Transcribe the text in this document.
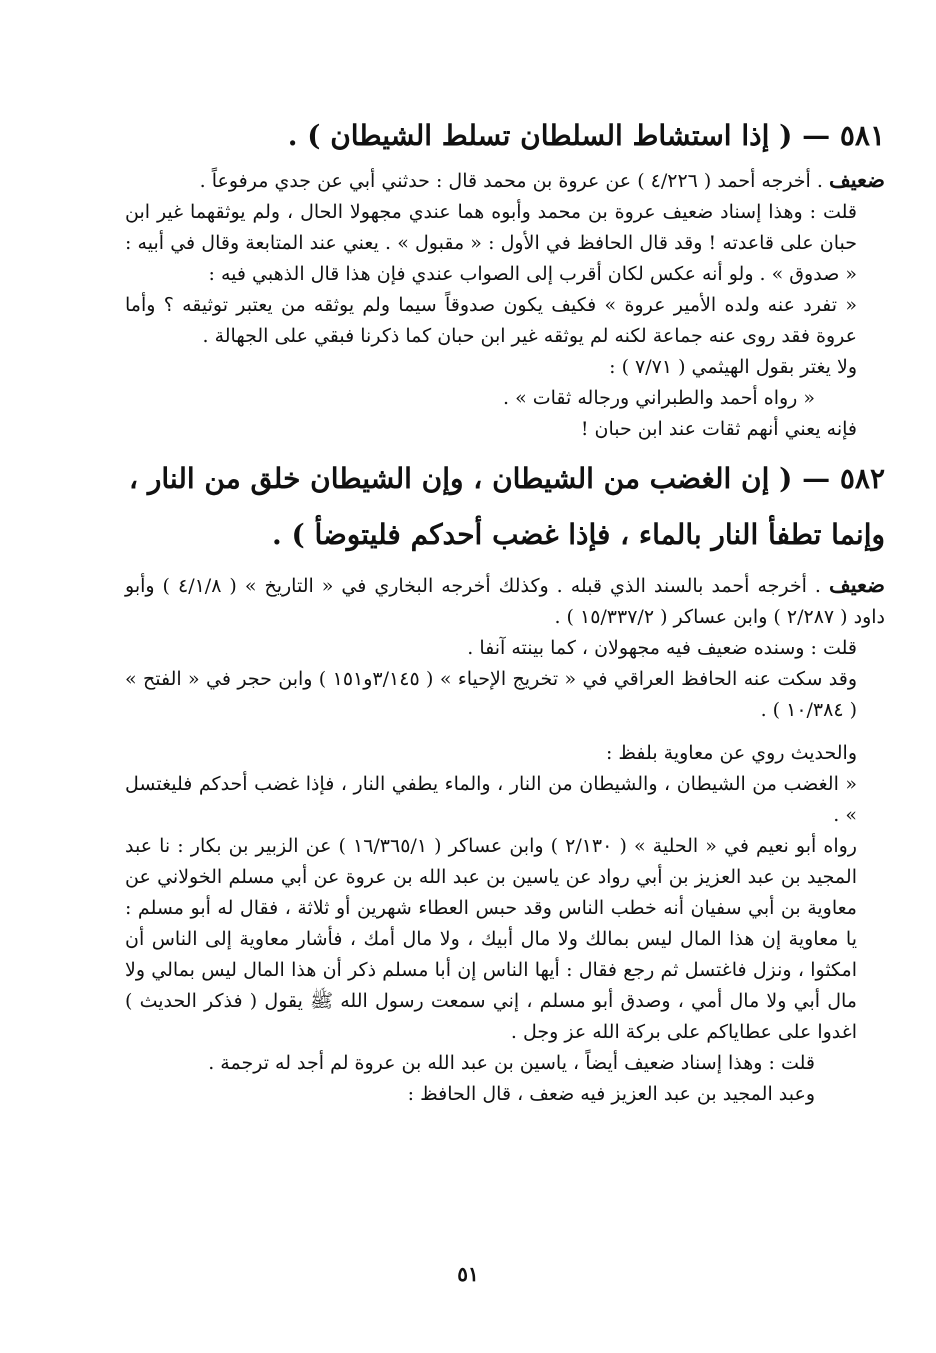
٥٨١ — ( إذا استشاط السلطان تسلط الشيطان ) .

ضعيف . أخرجه أحمد ( ٤/٢٢٦ ) عن عروة بن محمد قال : حدثني أبي عن جدي مرفوعاً .

قلت : وهذا إسناد ضعيف عروة بن محمد وأبوه هما عندي مجهولا الحال ، ولم يوثقهما غير ابن حبان على قاعدته ! وقد قال الحافظ في الأول : « مقبول » . يعني عند المتابعة وقال في أبيه : « صدوق » . ولو أنه عكس لكان أقرب إلى الصواب عندي فإن هذا قال الذهبي فيه :

« تفرد عنه ولده الأمير عروة » فكيف يكون صدوقاً سيما ولم يوثقه من يعتبر توثيقه ؟ وأما عروة فقد روى عنه جماعة لكنه لم يوثقه غير ابن حبان كما ذكرنا فبقي على الجهالة .

ولا يغتر بقول الهيثمي ( ٧/٧١ ) :

« رواه أحمد والطبراني ورجاله ثقات » .

فإنه يعني أنهم ثقات عند ابن حبان !

٥٨٢ — ( إن الغضب من الشيطان ، وإن الشيطان خلق من النار ، وإنما تطفأ النار بالماء ، فإذا غضب أحدكم فليتوضأ ) .

ضعيف . أخرجه أحمد بالسند الذي قبله . وكذلك أخرجه البخاري في « التاريخ » ( ٤/١/٨ ) وأبو داود ( ٢/٢٨٧ ) وابن عساكر ( ١٥/٣٣٧/٢ ) .

قلت : وسنده ضعيف فيه مجهولان ، كما بينته آنفا .

وقد سكت عنه الحافظ العراقي في « تخريج الإحياء » ( ٣/١٤٥و١٥١ ) وابن حجر في « الفتح » ( ١٠/٣٨٤ ) .

والحديث روي عن معاوية بلفظ :

« الغضب من الشيطان ، والشيطان من النار ، والماء يطفي النار ، فإذا غضب أحدكم فليغتسل » .

رواه أبو نعيم في « الحلية » ( ٢/١٣٠ ) وابن عساكر ( ١٦/٣٦٥/١ ) عن الزبير بن بكار : نا عبد المجيد بن عبد العزيز بن أبي رواد عن ياسين بن عبد الله بن عروة عن أبي مسلم الخولاني عن معاوية بن أبي سفيان أنه خطب الناس وقد حبس العطاء شهرين أو ثلاثة ، فقال له أبو مسلم : يا معاوية إن هذا المال ليس بمالك ولا مال أبيك ، ولا مال أمك ، فأشار معاوية إلى الناس أن امكثوا ، ونزل فاغتسل ثم رجع فقال : أيها الناس إن أبا مسلم ذكر أن هذا المال ليس بمالي ولا مال أبي ولا مال أمي ، وصدق أبو مسلم ، إني سمعت رسول الله ﷺ يقول ( فذكر الحديث ) اغدوا على عطاياكم على بركة الله عز وجل .

قلت : وهذا إسناد ضعيف أيضاً ، ياسين بن عبد الله بن عروة لم أجد له ترجمة .

وعبد المجيد بن عبد العزيز فيه ضعف ، قال الحافظ :

٥١
